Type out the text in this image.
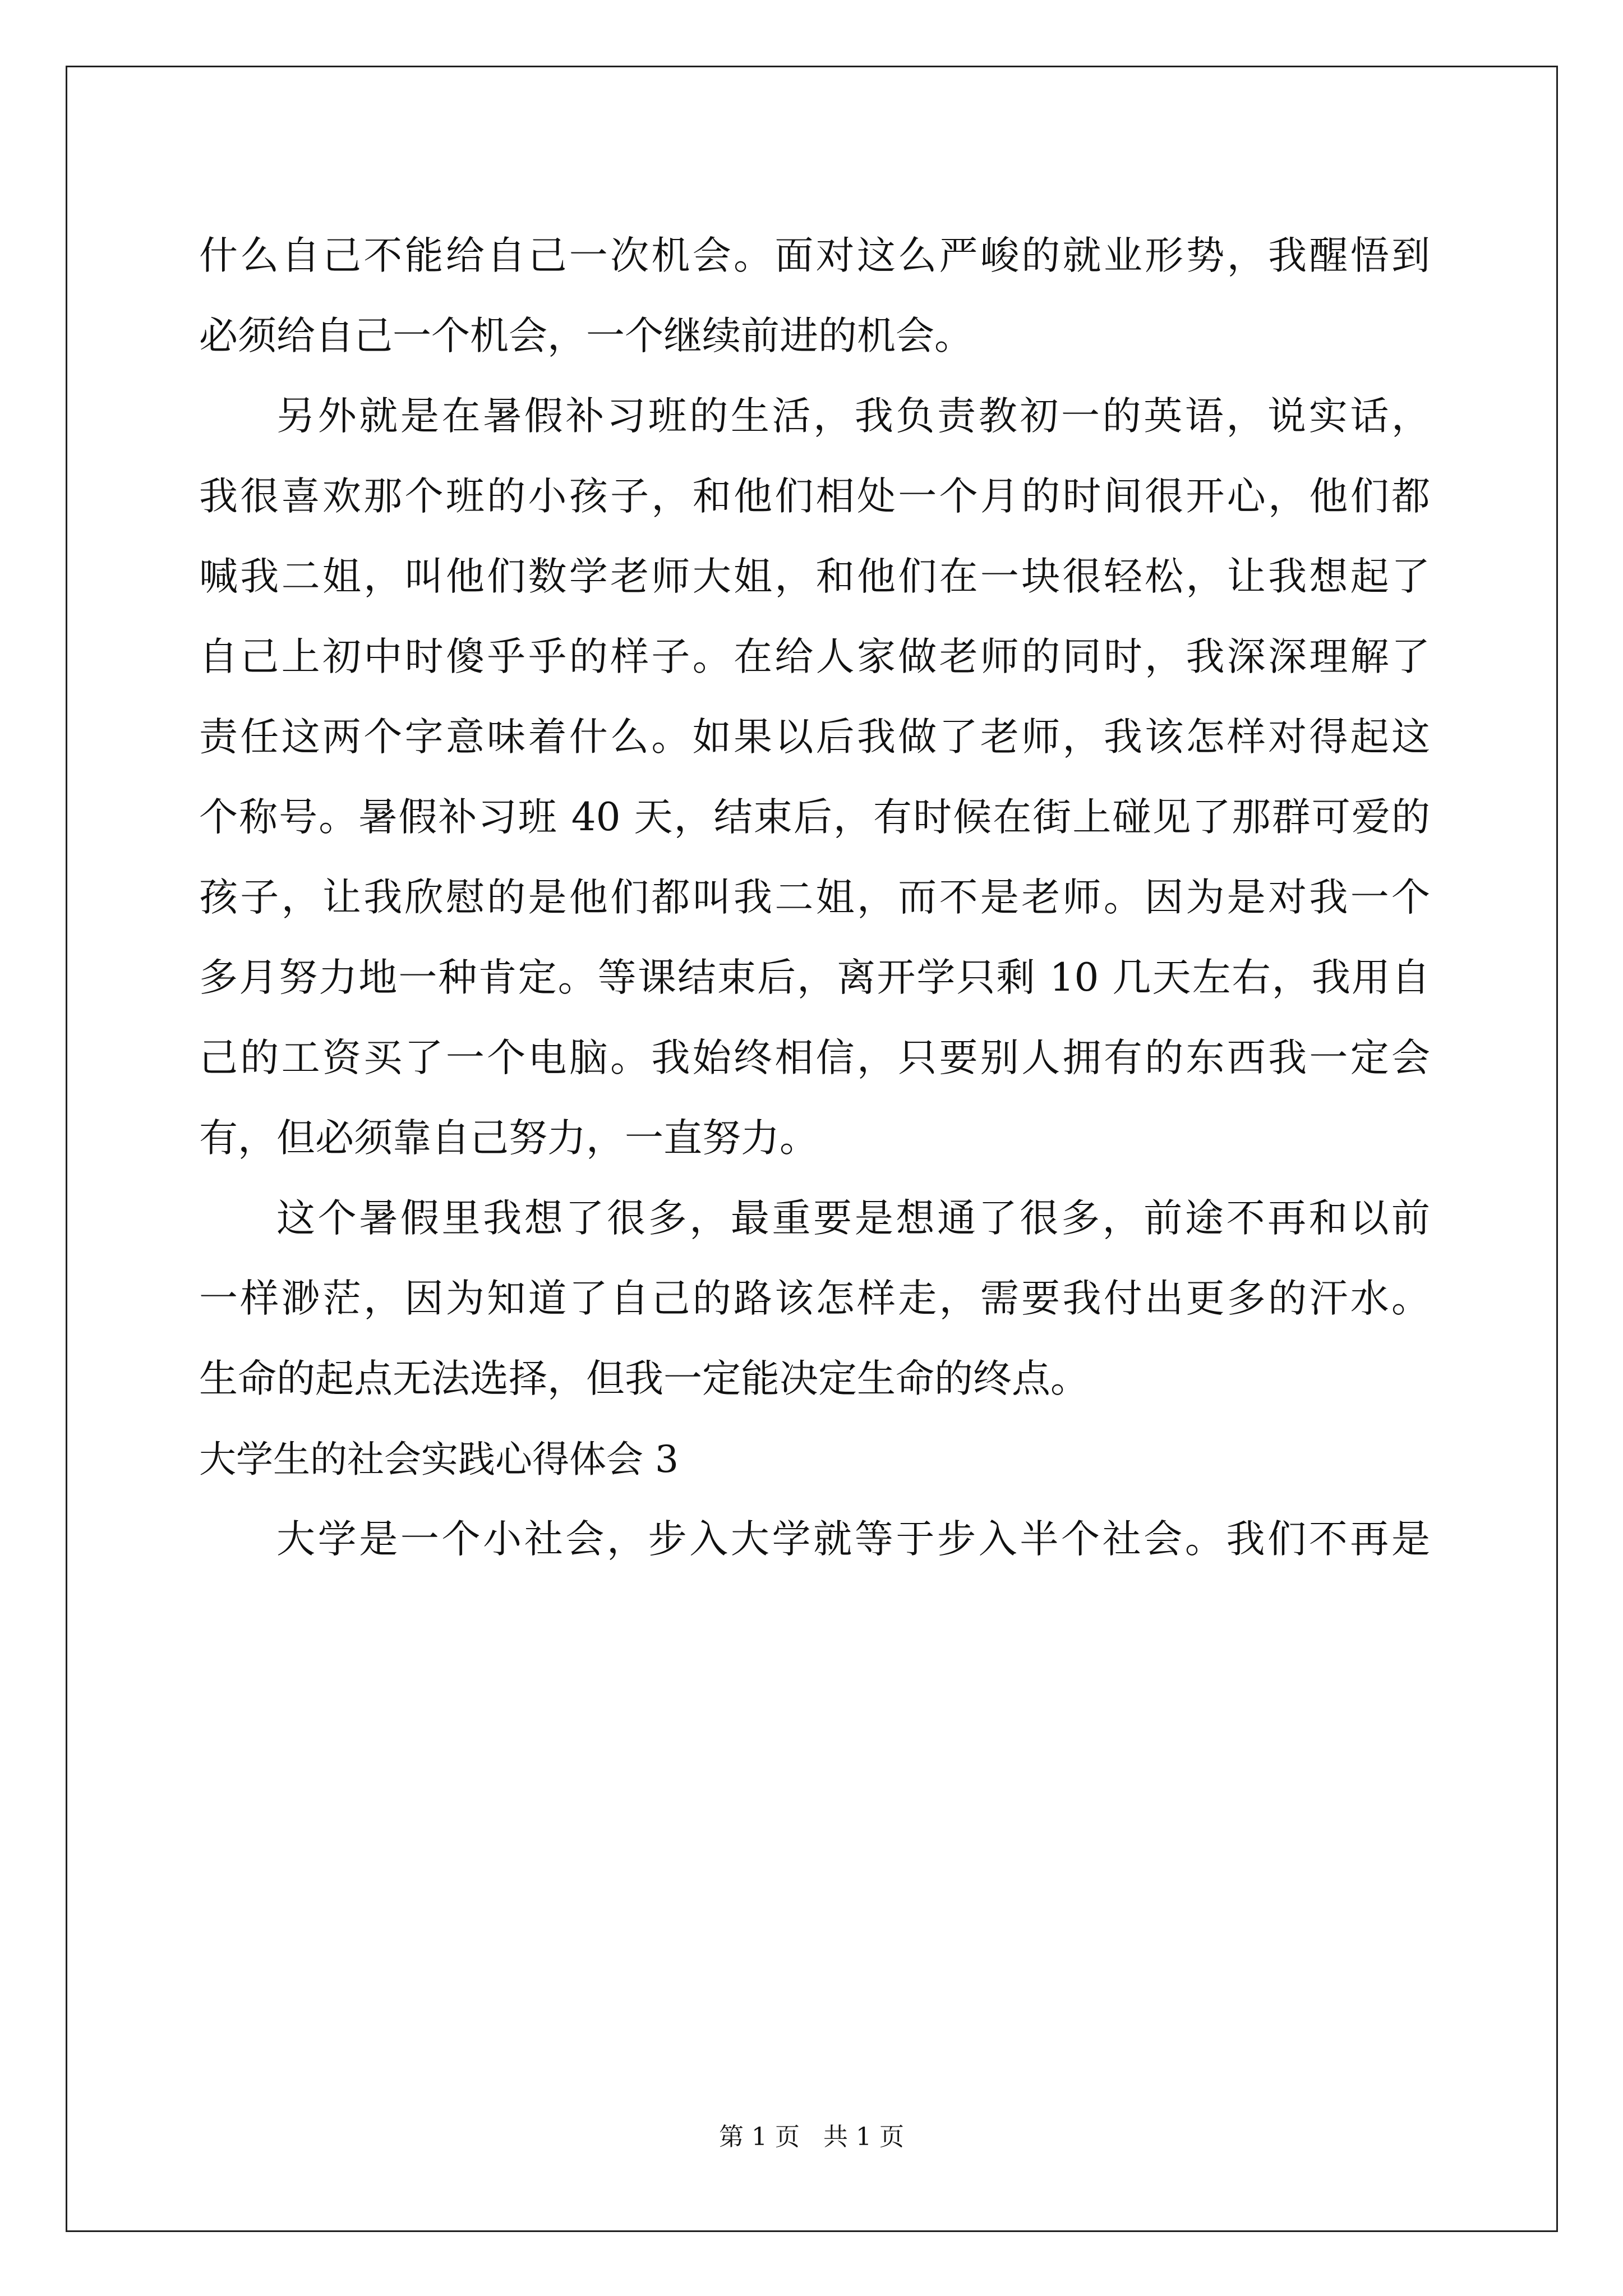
什么自己不能给自己一次机会。面对这么严峻的就业形势，我醒悟到
必须给自己一个机会，一个继续前进的机会。
另外就是在暑假补习班的生活，我负责教初一的英语，说实话，
我很喜欢那个班的小孩子，和他们相处一个月的时间很开心，他们都
喊我二姐，叫他们数学老师大姐，和他们在一块很轻松，让我想起了
自己上初中时傻乎乎的样子。在给人家做老师的同时，我深深理解了
责任这两个字意味着什么。如果以后我做了老师，我该怎样对得起这
个称号。暑假补习班 40 天，结束后，有时候在街上碰见了那群可爱的
孩子，让我欣慰的是他们都叫我二姐，而不是老师。因为是对我一个
多月努力地一种肯定。等课结束后，离开学只剩 10 几天左右，我用自
己的工资买了一个电脑。我始终相信，只要别人拥有的东西我一定会
有，但必须靠自己努力，一直努力。
这个暑假里我想了很多，最重要是想通了很多，前途不再和以前
一样渺茫，因为知道了自己的路该怎样走，需要我付出更多的汗水。
生命的起点无法选择，但我一定能决定生命的终点。
大学生的社会实践心得体会 3
大学是一个小社会，步入大学就等于步入半个社会。我们不再是
第 1 页 共 1 页
